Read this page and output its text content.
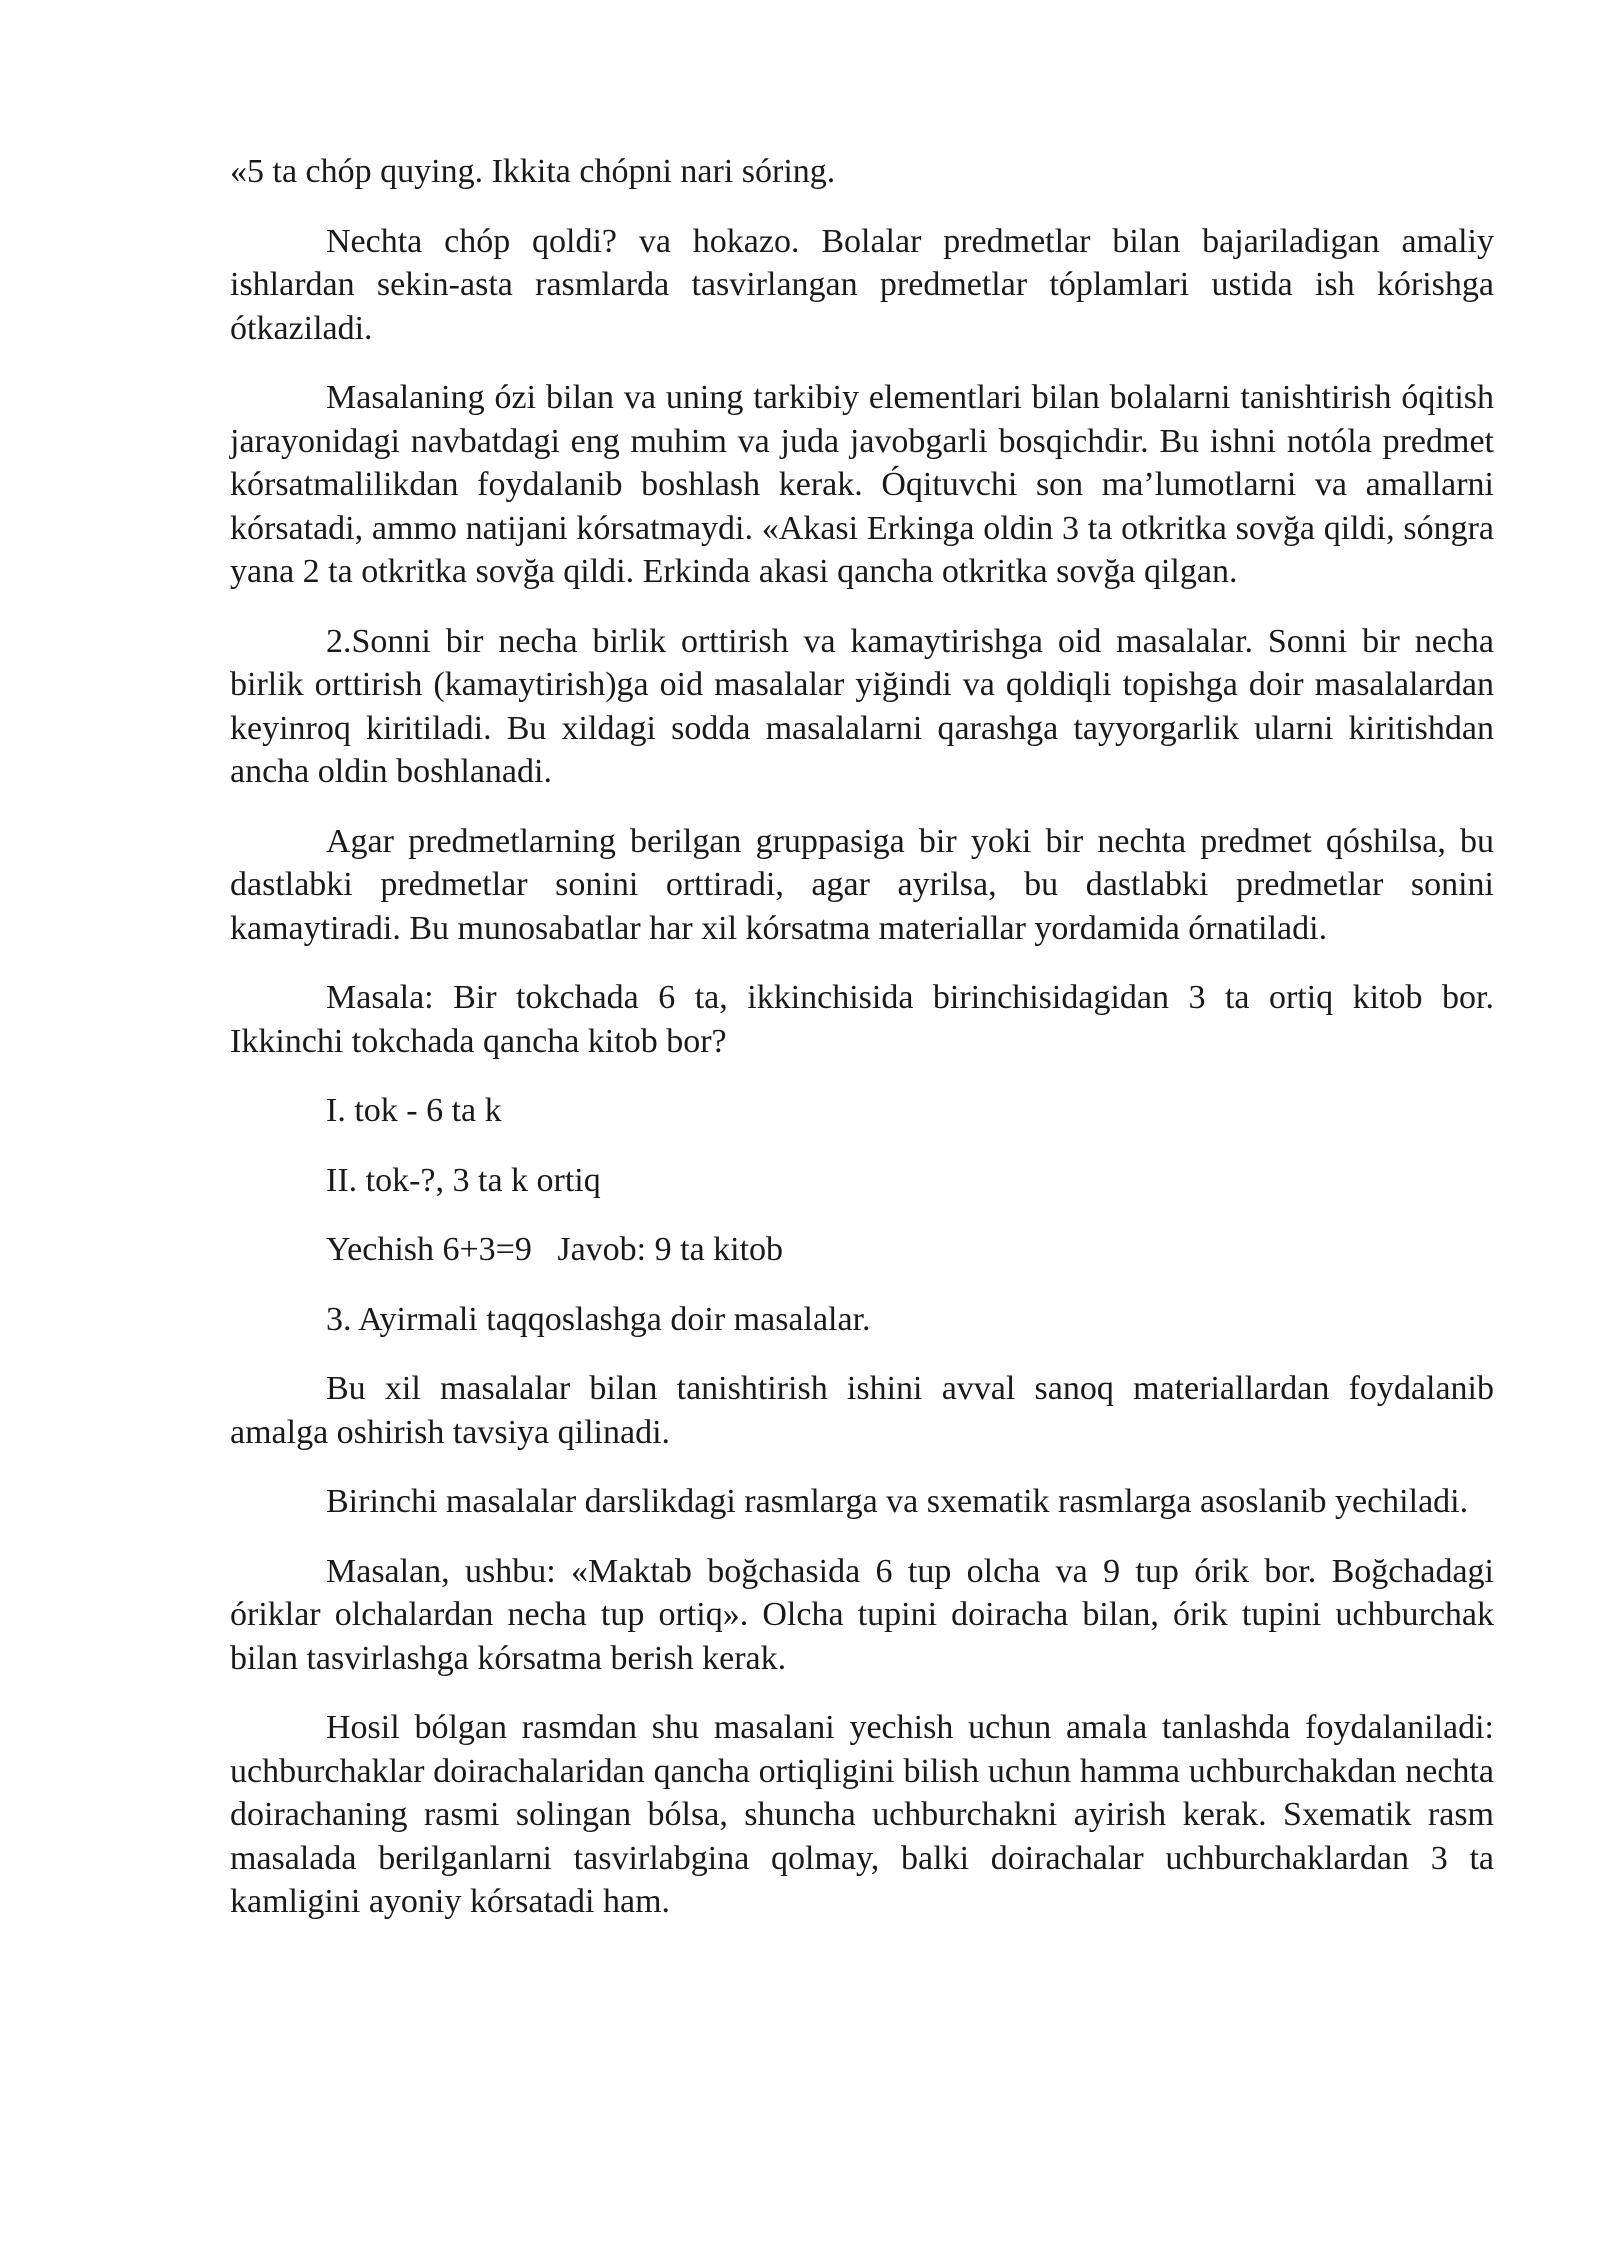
«5 ta chóp quying. Ikkita chópni nari sóring.

Nechta chóp qoldi? va hokazo. Bolalar predmetlar bilan bajariladigan amaliy ishlardan sekin-asta rasmlarda tasvirlangan predmetlar tóplamlari ustida ish kórishga ótkaziladi.

Masalaning ózi bilan va uning tarkibiy elementlari bilan bolalarni tanishtirish óqitish jarayonidagi navbatdagi eng muhim va juda javobgarli bosqichdir. Bu ishni notóla predmet kórsatmalilikdan foydalanib boshlash kerak. Óqituvchi son ma’lumotlarni va amallarni kórsatadi, ammo natijani kórsatmaydi. «Akasi Erkinga oldin 3 ta otkritka sovğa qildi, sóngra yana 2 ta otkritka sovğa qildi. Erkinda akasi qancha otkritka sovğa qilgan.

2.Sonni bir necha birlik orttirish va kamaytirishga oid masalalar. Sonni bir necha birlik orttirish (kamaytirish)ga oid masalalar yiğindi va qoldiqli topishga doir masalalardan keyinroq kiritiladi. Bu xildagi sodda masalalarni qarashga tayyorgarlik ularni kiritishdan ancha oldin boshlanadi.

Agar predmetlarning berilgan gruppasiga bir yoki bir nechta predmet qóshilsa, bu dastlabki predmetlar sonini orttiradi, agar ayrilsa, bu dastlabki predmetlar sonini kamaytiradi. Bu munosabatlar har xil kórsatma materiallar yordamida órnatiladi.

Masala: Bir tokchada 6 ta, ikkinchisida birinchisidagidan 3 ta ortiq kitob bor. Ikkinchi tokchada qancha kitob bor?

I. tok - 6 ta k

II. tok-?, 3 ta k ortiq

Yechish 6+3=9   Javob: 9 ta kitob

3. Ayirmali taqqoslashga doir masalalar.

Bu xil masalalar bilan tanishtirish ishini avval sanoq materiallardan foydalanib amalga oshirish tavsiya qilinadi.

Birinchi masalalar darslikdagi rasmlarga va sxematik rasmlarga asoslanib yechiladi.

Masalan, ushbu: «Maktab boğchasida 6 tup olcha va 9 tup órik bor. Boğchadagi óriklar olchalardan necha tup ortiq». Olcha tupini doiracha bilan, órik tupini uchburchak bilan tasvirlashga kórsatma berish kerak.

Hosil bólgan rasmdan shu masalani yechish uchun amala tanlashda foydalaniladi: uchburchaklar doirachalaridan qancha ortiqligini bilish uchun hamma uchburchakdan nechta doirachaning rasmi solingan bólsa, shuncha uchburchakni ayirish kerak. Sxematik rasm masalada berilganlarni tasvirlabgina qolmay, balki doirachalar uchburchaklardan 3 ta kamligini ayoniy kórsatadi ham.
